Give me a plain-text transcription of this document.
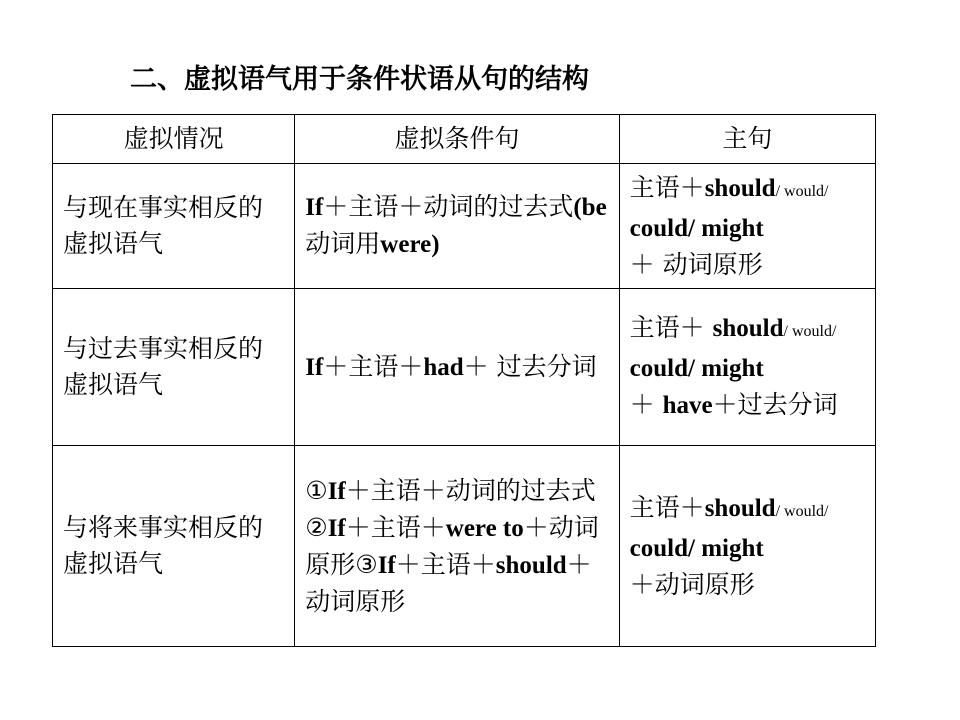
二、虚拟语气用于条件状语从句的结构
虚拟情况	虚拟条件句	主句
与现在事实相反的虚拟语气	If＋主语＋动词的过去式(be动词用were)	主语＋should/ would/ could/ might
＋ 动词原形
与过去事实相反的虚拟语气	If＋主语＋had＋ 过去分词	主语＋ should/ would/ could/ might
＋ have＋过去分词
与将来事实相反的虚拟语气	①If＋主语＋动词的过去式②If＋主语＋were to＋动词原形③If＋主语＋should＋动词原形	主语＋should/ would/ could/ might
＋动词原形
